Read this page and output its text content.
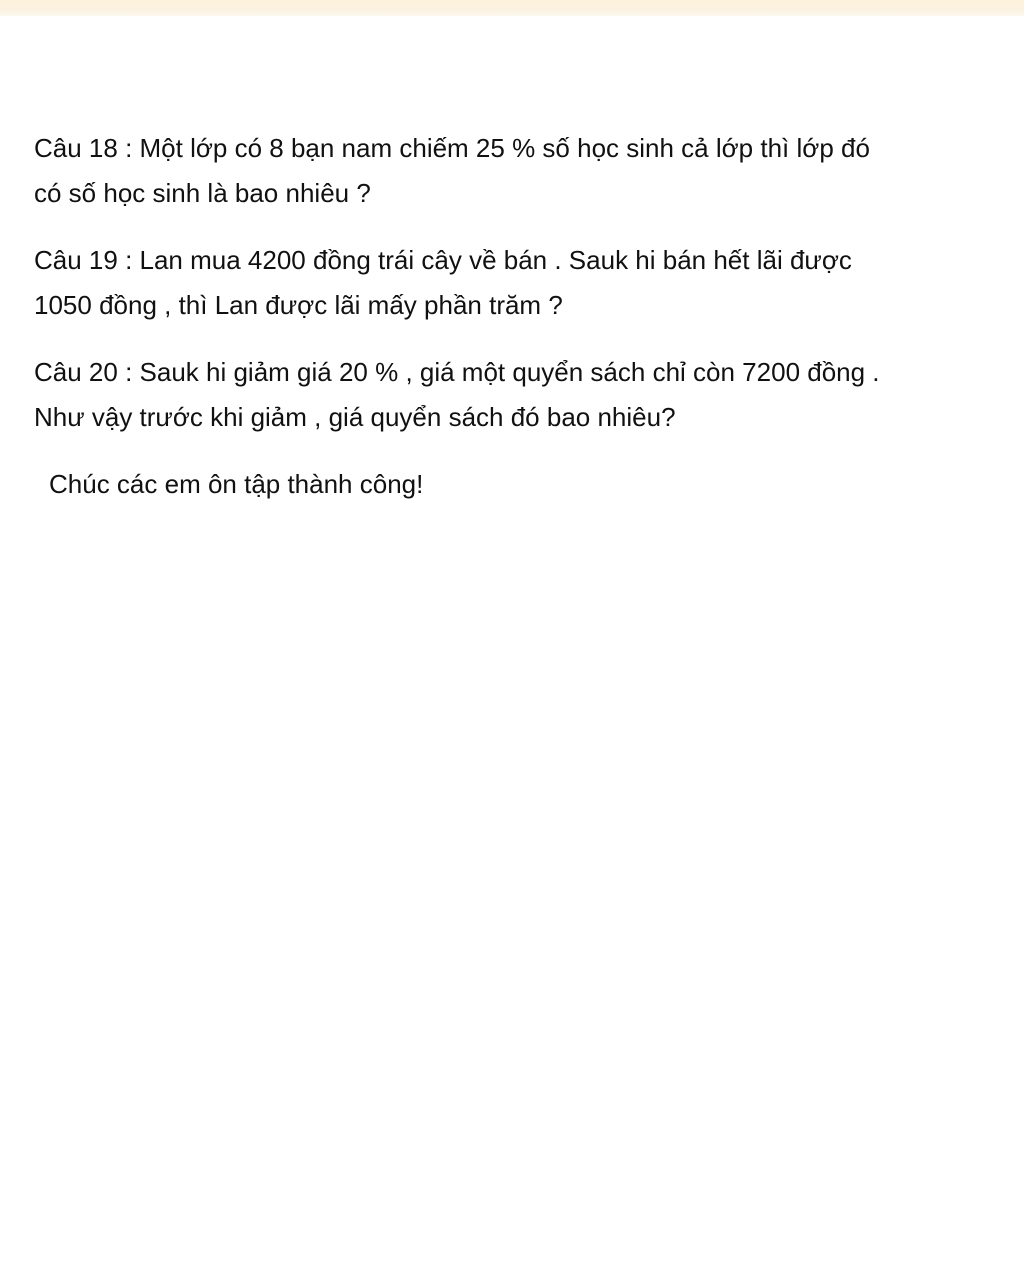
Câu 18 : Một lớp có 8 bạn nam chiếm 25 % số học sinh cả lớp thì lớp đó
có số học sinh là bao nhiêu ?

Câu 19 : Lan mua 4200 đồng trái cây về bán . Sauk hi bán hết lãi được
1050 đồng , thì Lan được lãi mấy phần trăm ?

Câu 20 : Sauk hi giảm giá 20 % , giá một quyển sách chỉ còn 7200 đồng .
Như vậy trước khi giảm , giá quyển sách đó bao nhiêu?

Chúc các em ôn tập thành công!
